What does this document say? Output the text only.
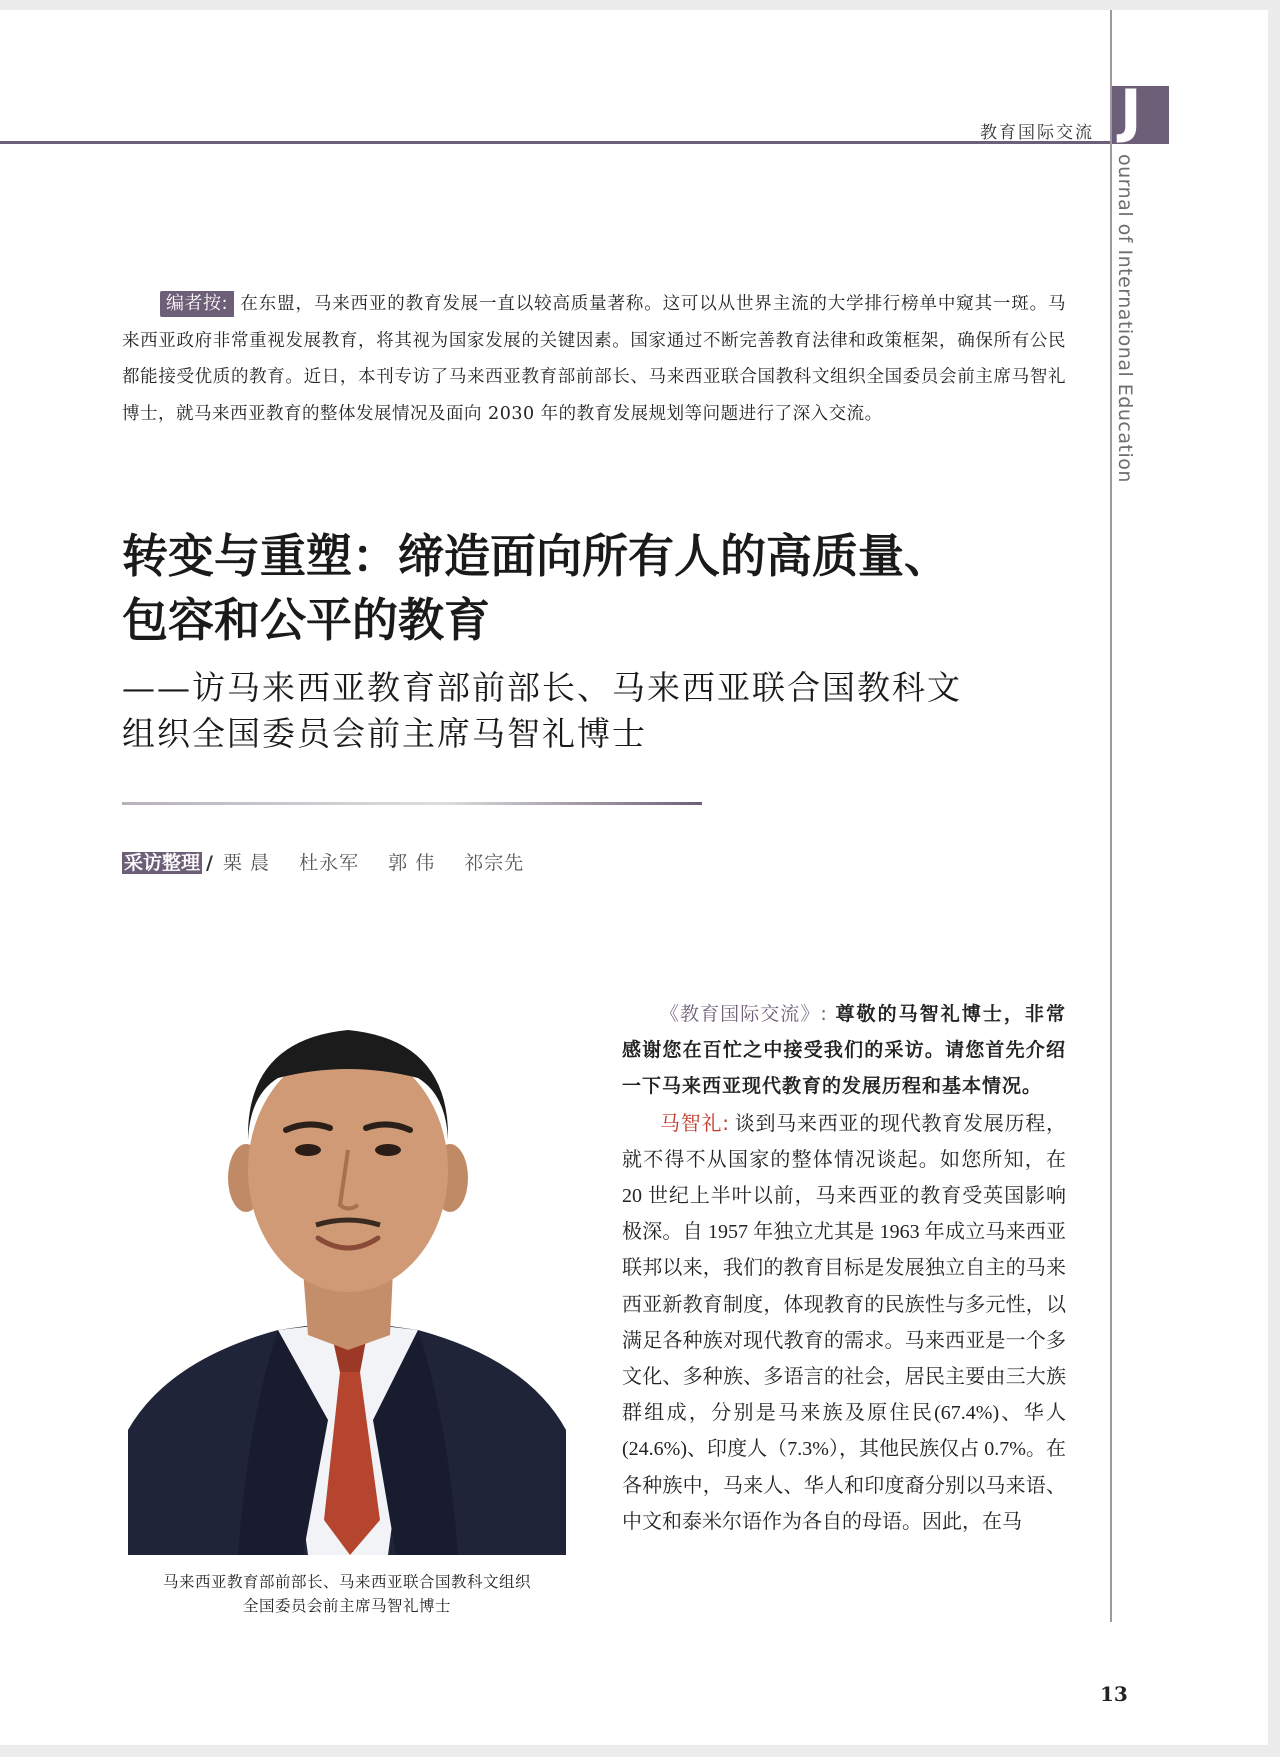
教育国际交流 J
ournal of International Education
编者按: 在东盟，马来西亚的教育发展一直以较高质量著称。这可以从世界主流的大学排行榜单中窥其一斑。马来西亚政府非常重视发展教育，将其视为国家发展的关键因素。国家通过不断完善教育法律和政策框架，确保所有公民都能接受优质的教育。近日，本刊专访了马来西亚教育部前部长、马来西亚联合国教科文组织全国委员会前主席马智礼博士，就马来西亚教育的整体发展情况及面向 2030 年的教育发展规划等问题进行了深入交流。
转变与重塑：缔造面向所有人的高质量、
包容和公平的教育
——访马来西亚教育部前部长、马来西亚联合国教科文
组织全国委员会前主席马智礼博士
采访整理 / 栗 晨 杜永军 郭 伟 祁宗先
马来西亚教育部前部长、马来西亚联合国教科文组织
全国委员会前主席马智礼博士

《教育国际交流》: 尊敬的马智礼博士，非常感谢您在百忙之中接受我们的采访。请您首先介绍一下马来西亚现代教育的发展历程和基本情况。

马智礼: 谈到马来西亚的现代教育发展历程，就不得不从国家的整体情况谈起。如您所知，在 20 世纪上半叶以前，马来西亚的教育受英国影响极深。自 1957 年独立尤其是 1963 年成立马来西亚联邦以来，我们的教育目标是发展独立自主的马来西亚新教育制度，体现教育的民族性与多元性，以满足各种族对现代教育的需求。马来西亚是一个多文化、多种族、多语言的社会，居民主要由三大族群组成，分别是马来族及原住民(67.4%)、华人(24.6%)、印度人（7.3%），其他民族仅占 0.7%。在各种族中，马来人、华人和印度裔分别以马来语、中文和泰米尔语作为各自的母语。因此，在马

13
